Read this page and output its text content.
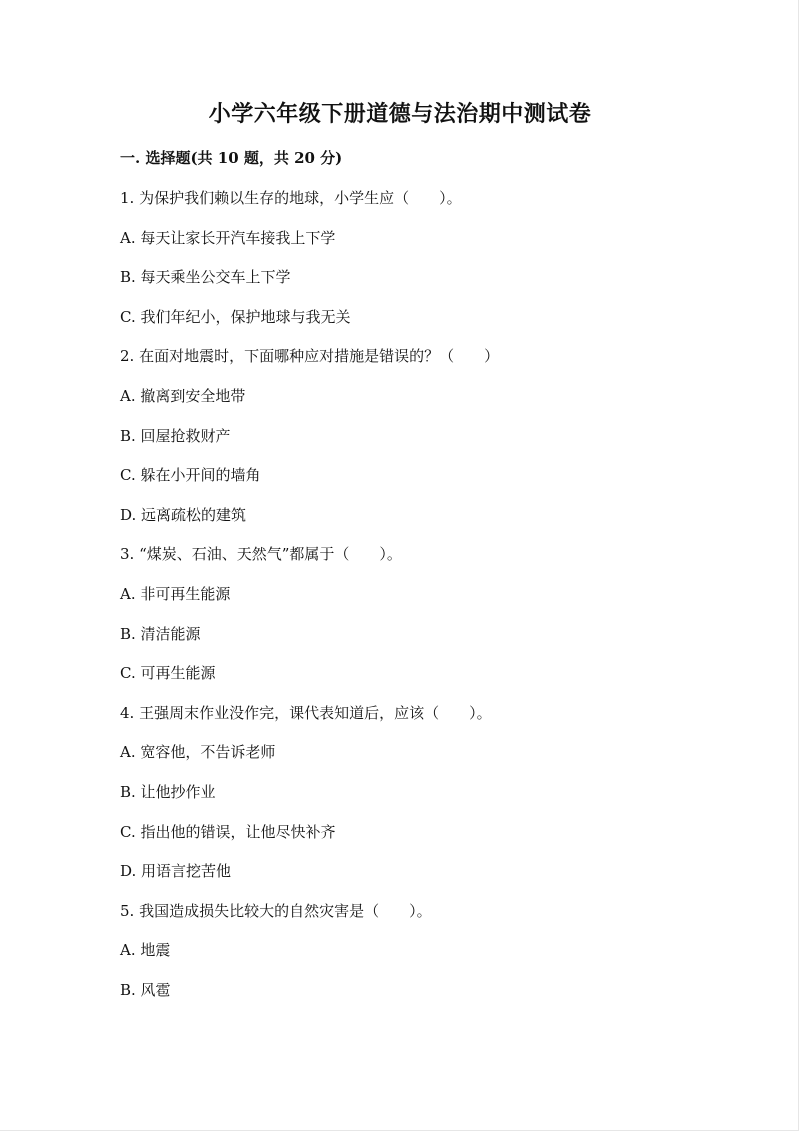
小学六年级下册道德与法治期中测试卷
一. 选择题(共 10 题，共 20 分)
1. 为保护我们赖以生存的地球，小学生应（　　）。
A. 每天让家长开汽车接我上下学
B. 每天乘坐公交车上下学
C. 我们年纪小，保护地球与我无关
2. 在面对地震时，下面哪种应对措施是错误的？（　　）
A. 撤离到安全地带
B. 回屋抢救财产
C. 躲在小开间的墙角
D. 远离疏松的建筑
3. “煤炭、石油、天然气”都属于（　　）。
A. 非可再生能源
B. 清洁能源
C. 可再生能源
4. 王强周末作业没作完，课代表知道后，应该（　　）。
A. 宽容他，不告诉老师
B. 让他抄作业
C. 指出他的错误，让他尽快补齐
D. 用语言挖苦他
5. 我国造成损失比较大的自然灾害是（　　）。
A. 地震
B. 风雹
